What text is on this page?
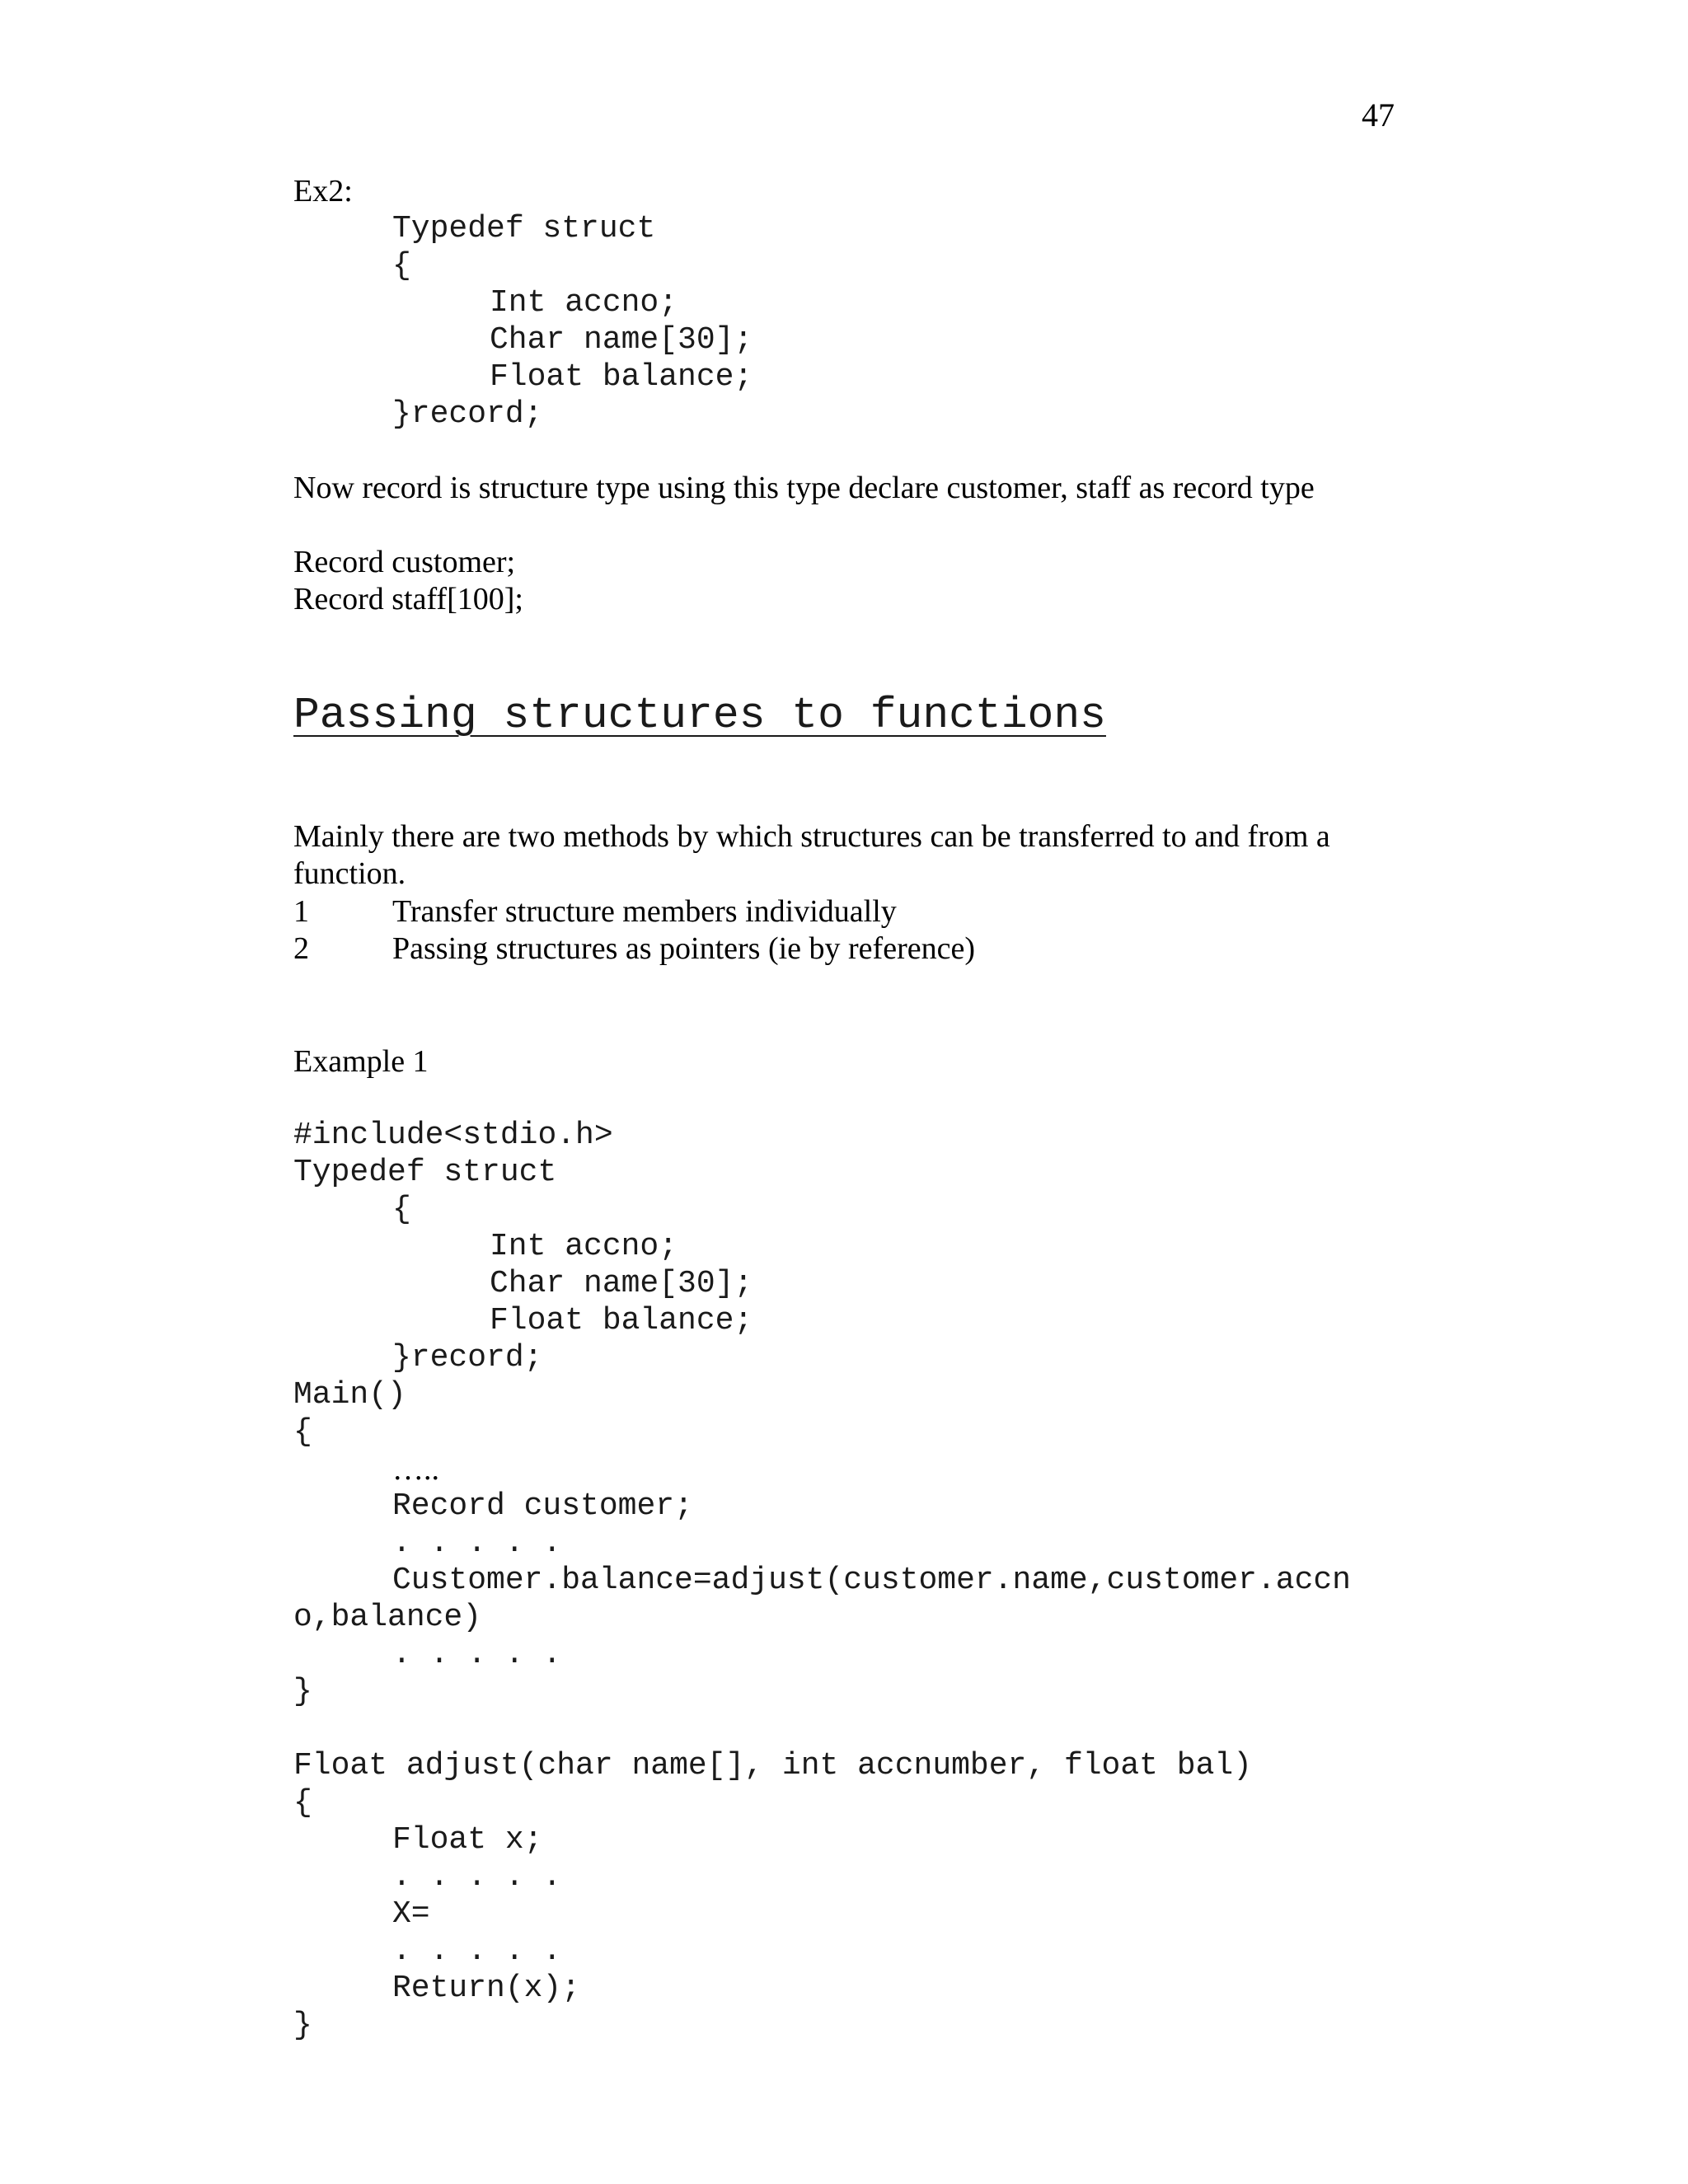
47
Ex2:
Typedef struct
{
Int accno;
Char name[30];
Float balance;
}record;
Now record is structure type using this type declare customer, staff as record type
Record customer;
Record staff[100];
Passing structures to functions
Mainly there are two methods by which structures can be transferred to and from a
function.
1	Transfer structure members individually
2	Passing structures as pointers (ie by reference)
Example 1
#include<stdio.h>
Typedef struct
{
Int accno;
Char name[30];
Float balance;
}record;
Main()
{
…..
Record customer;
. . . . .
Customer.balance=adjust(customer.name,customer.accn
o,balance)
. . . . .
}
Float adjust(char name[], int accnumber, float bal)
{
Float x;
. . . . .
X=
. . . . .
Return(x);
}
